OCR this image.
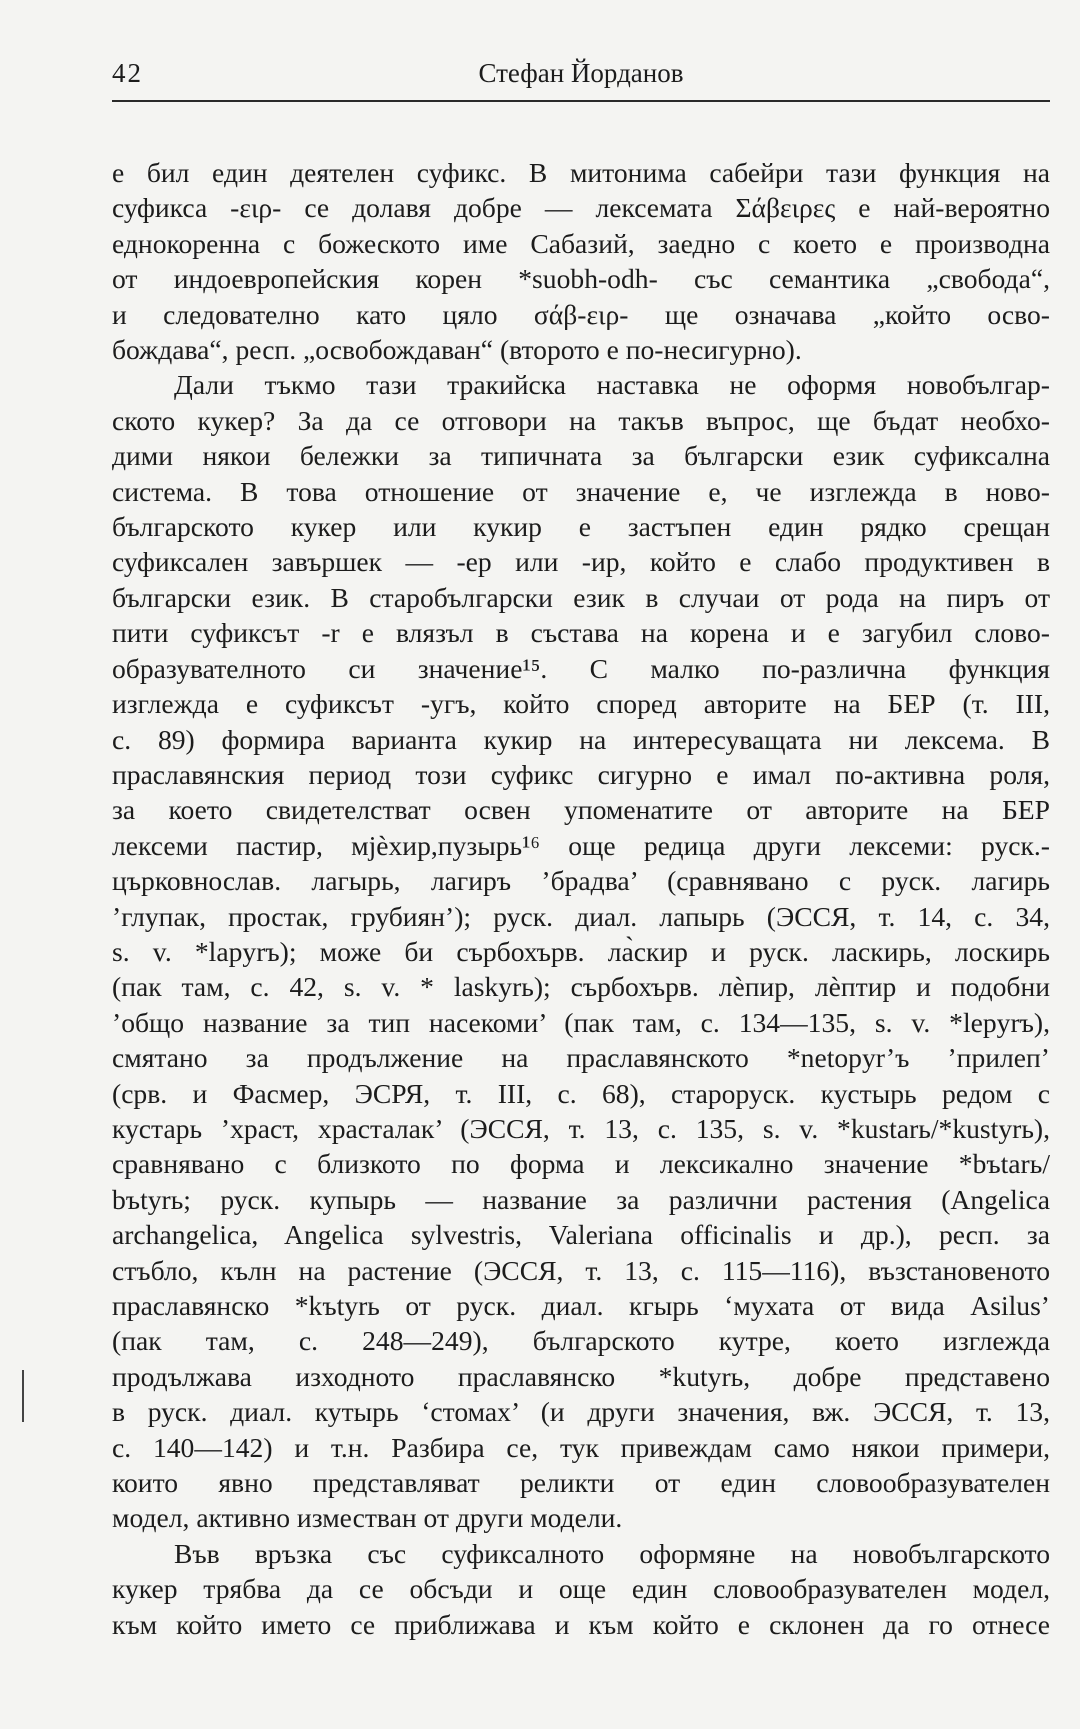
42	Стефан Йорданов
е бил един деятелен суфикс. В митонима сабейри тази функция на
суфикса -ειρ- се долавя добре — лексемата Σάβειρες е най-вероятно
еднокоренна с божеското име Сабазий, заедно с което е производна
от индоевропейския корен *suobh-odh- със семантика „свобода“,
и следователно като цяло σάβ-ειρ- ще означава „който осво-
бождава“, респ. „освобождаван“ (второто е по-несигурно).
Дали тъкмо тази тракийска наставка не оформя новобългар-
ското кукер? За да се отговори на такъв въпрос, ще бъдат необхо-
дими някои бележки за типичната за български език суфиксална
система. В това отношение от значение е, че изглежда в ново-
българското кукер или кукир е застъпен един рядко срещан
суфиксален завършек — -ер или -ир, който е слабо продуктивен в
български език. В старобългарски език в случаи от рода на пиръ от
пити суфиксът -r е влязъл в състава на корена и е загубил слово-
образувателното си значение¹⁵. С малко по-различна функция
изглежда е суфиксът -угъ, който според авторите на БЕР (т. III,
с. 89) формира варианта кукир на интересуващата ни лексема. В
праславянския период този суфикс сигурно е имал по-активна роля,
за което свидетелстват освен упоменатите от авторите на БЕР
лексеми пастир, мјѐхир,пузырь¹⁶ още редица други лексеми: руск.-
църковнослав. лагырь, лагиръ ’брадва’ (сравнявано с руск. лагирь
’глупак, простак, грубиян’); руск. диал. лапырь (ЭССЯ, т. 14, с. 34,
s. v. *lapyrъ); може би сърбохърв. ла̀скир и руск. ласкирь, лоскирь
(пак там, с. 42, s. v. * laskyrь); сърбохърв. лѐпир, лѐптир и подобни
’общо название за тип насекоми’ (пак там, с. 134—135, s. v. *lepyrъ),
смятано за продължение на праславянското *netopyr’ъ ’прилеп’
(срв. и Фасмер, ЭСРЯ, т. III, с. 68), староруск. кустырь редом с
кустарь ’храст, храсталак’ (ЭССЯ, т. 13, с. 135, s. v. *kustarь/*kustyrь),
сравнявано с близкото по форма и лексикално значение *bъtarь/
bъtyrь; руск. купырь — название за различни растения (Angelica
archangelica, Angelica sylvestris, Valeriana officinalis и др.), респ. за
стъбло, кълн на растение (ЭССЯ, т. 13, с. 115—116), възстановеното
праславянско *kъtyrь от руск. диал. кгырь ‘мухата от вида Asilus’
(пак там, с. 248—249), българското кутре, което изглежда
продължава изходното праславянско *kutyrь, добре представено
в руск. диал. кутырь ‘стомах’ (и други значения, вж. ЭССЯ, т. 13,
с. 140—142) и т.н. Разбира се, тук привеждам само някои примери,
които явно представляват реликти от един словообразувателен
модел, активно изместван от други модели.
Във връзка със суфиксалното оформяне на новобългарското
кукер трябва да се обсъди и още един словообразувателен модел,
към който името се приближава и към който е склонен да го отнесе
